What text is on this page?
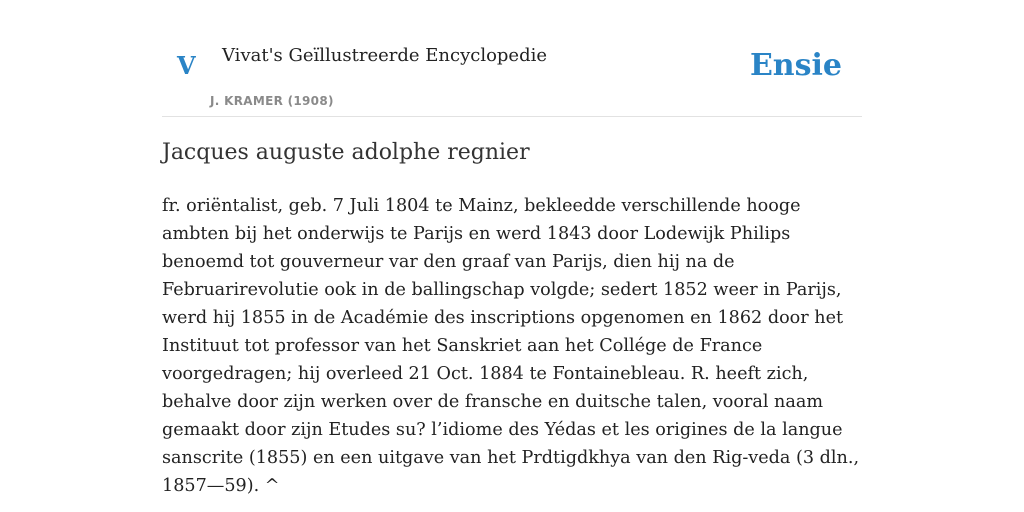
V Vivat's Geïllustreerde Encyclopedie
J. KRAMER (1908)
Ensie
Jacques auguste adolphe regnier

fr. oriëntalist, geb. 7 Juli 1804 te Mainz, bekleedde verschillende hooge ambten bij het onderwijs te Parijs en werd 1843 door Lodewijk Philips benoemd tot gouverneur var den graaf van Parijs, dien hij na de Februarirevolutie ook in de ballingschap volgde; sedert 1852 weer in Parijs, werd hij 1855 in de Académie des inscriptions opgenomen en 1862 door het Instituut tot professor van het Sanskriet aan het Collége de France voorgedragen; hij overleed 21 Oct. 1884 te Fontainebleau. R. heeft zich, behalve door zijn werken over de fransche en duitsche talen, vooral naam gemaakt door zijn Etudes su? l’idiome des Yédas et les origines de la langue sanscrite (1855) en een uitgave van het Prdtigdkhya van den Rig-veda (3 dln., 1857—59). ^
